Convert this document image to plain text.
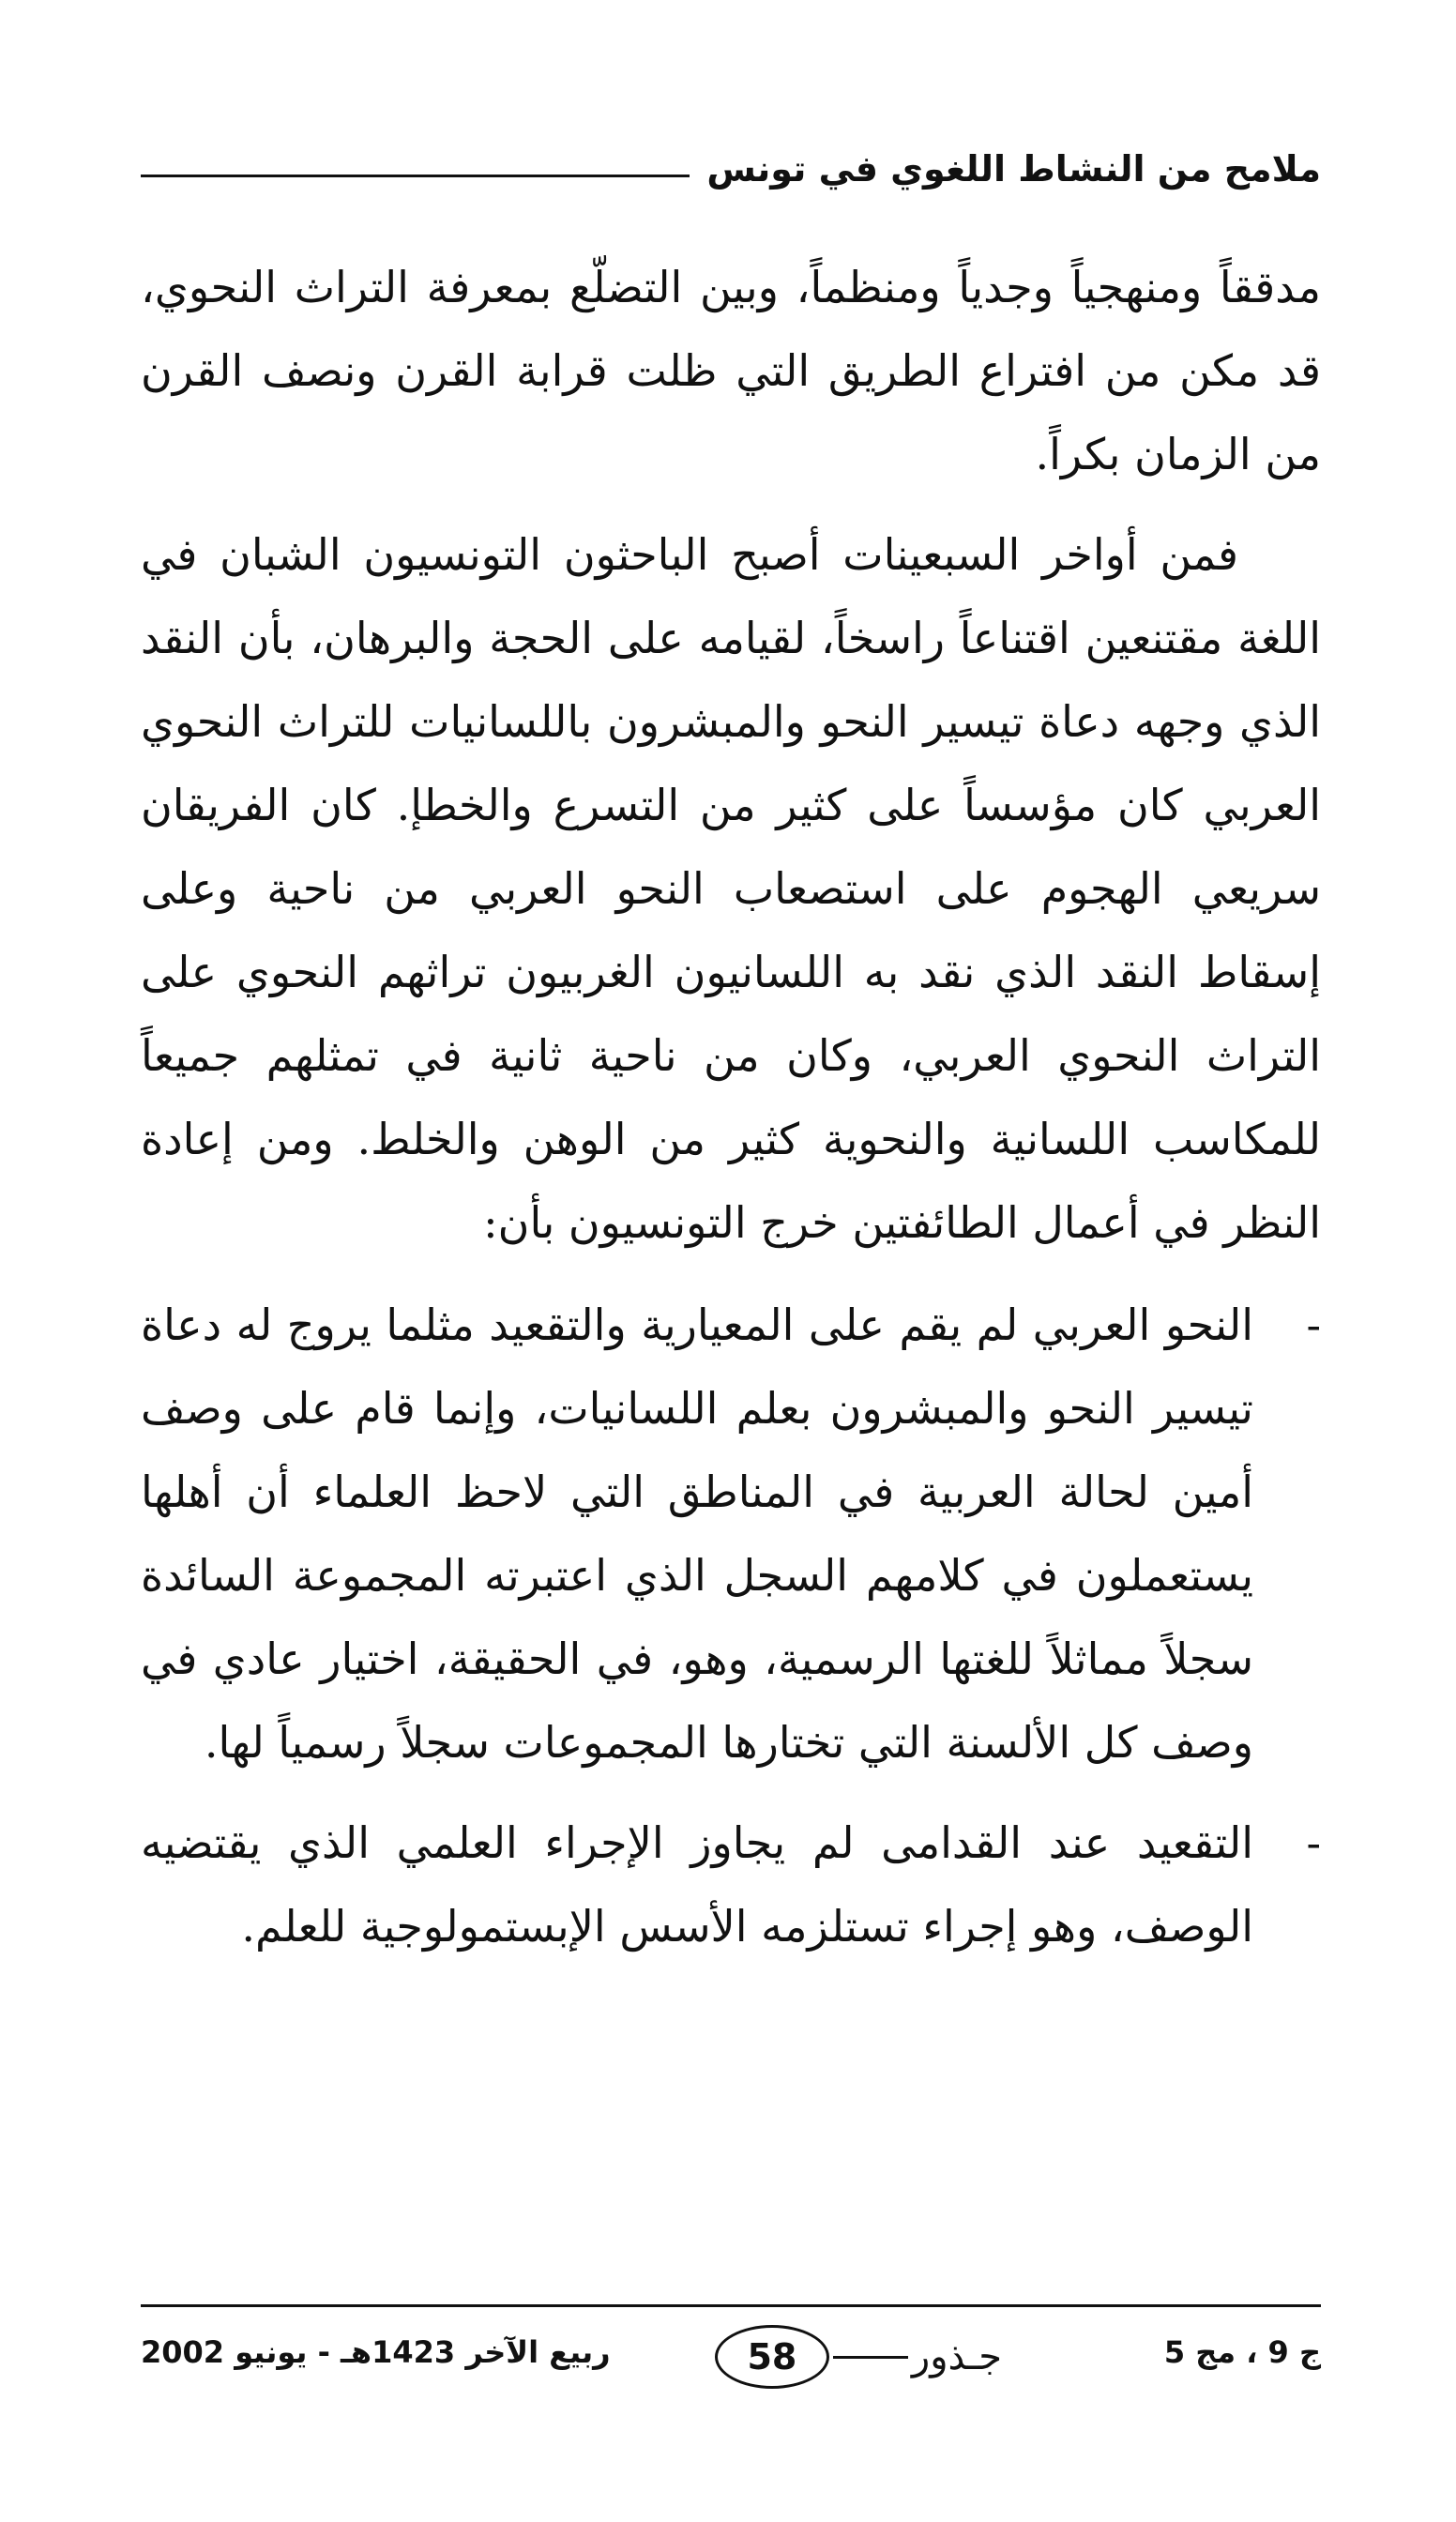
ملامح من النشاط اللغوي في تونس

مدققاً ومنهجياً وجدياً ومنظماً، وبين التضلّع بمعرفة التراث النحوي، قد مكن من افتراع الطريق التي ظلت قرابة القرن ونصف القرن من الزمان بكراً.

فمن أواخر السبعينات أصبح الباحثون التونسيون الشبان في اللغة مقتنعين اقتناعاً راسخاً، لقيامه على الحجة والبرهان، بأن النقد الذي وجهه دعاة تيسير النحو والمبشرون باللسانيات للتراث النحوي العربي كان مؤسساً على كثير من التسرع والخطإ. كان الفريقان سريعي الهجوم على استصعاب النحو العربي من ناحية وعلى إسقاط النقد الذي نقد به اللسانيون الغربيون تراثهم النحوي على التراث النحوي العربي، وكان من ناحية ثانية في تمثلهم جميعاً للمكاسب اللسانية والنحوية كثير من الوهن والخلط. ومن إعادة النظر في أعمال الطائفتين خرج التونسيون بأن:

-
النحو العربي لم يقم على المعيارية والتقعيد مثلما يروج له دعاة تيسير النحو والمبشرون بعلم اللسانيات، وإنما قام على وصف أمين لحالة العربية في المناطق التي لاحظ العلماء أن أهلها يستعملون في كلامهم السجل الذي اعتبرته المجموعة السائدة سجلاً مماثلاً للغتها الرسمية، وهو، في الحقيقة، اختيار عادي في وصف كل الألسنة التي تختارها المجموعات سجلاً رسمياً لها.
-
التقعيد عند القدامى لم يجاوز الإجراء العلمي الذي يقتضيه الوصف، وهو إجراء تستلزمه الأسس الإبستمولوجية للعلم.
ج 9 ، مج 5
جـذور
58
ربيع الآخر 1423هـ - يونيو 2002
